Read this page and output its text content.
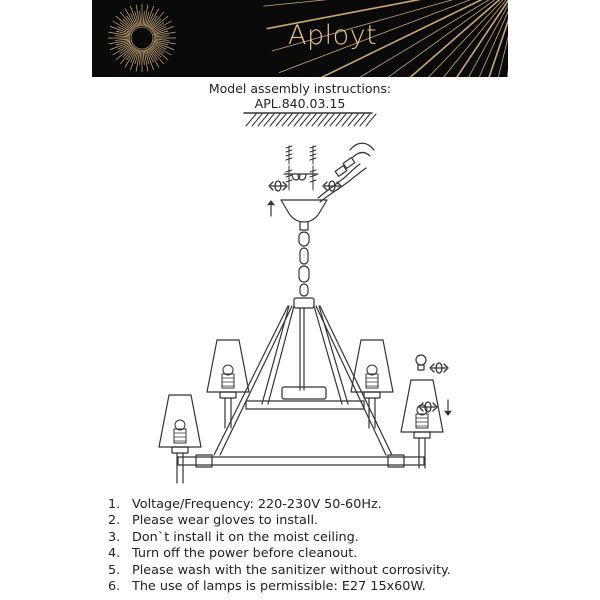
Aployt
Model assembly instructions:
APL.840.03.15
1. Voltage/Frequency: 220-230V 50-60Hz.
2. Please wear gloves to install.
3. Don`t install it on the moist ceiling.
4. Turn off the power before cleanout.
5. Please wash with the sanitizer without corrosivity.
6. The use of lamps is permissible: E27 15x60W.
